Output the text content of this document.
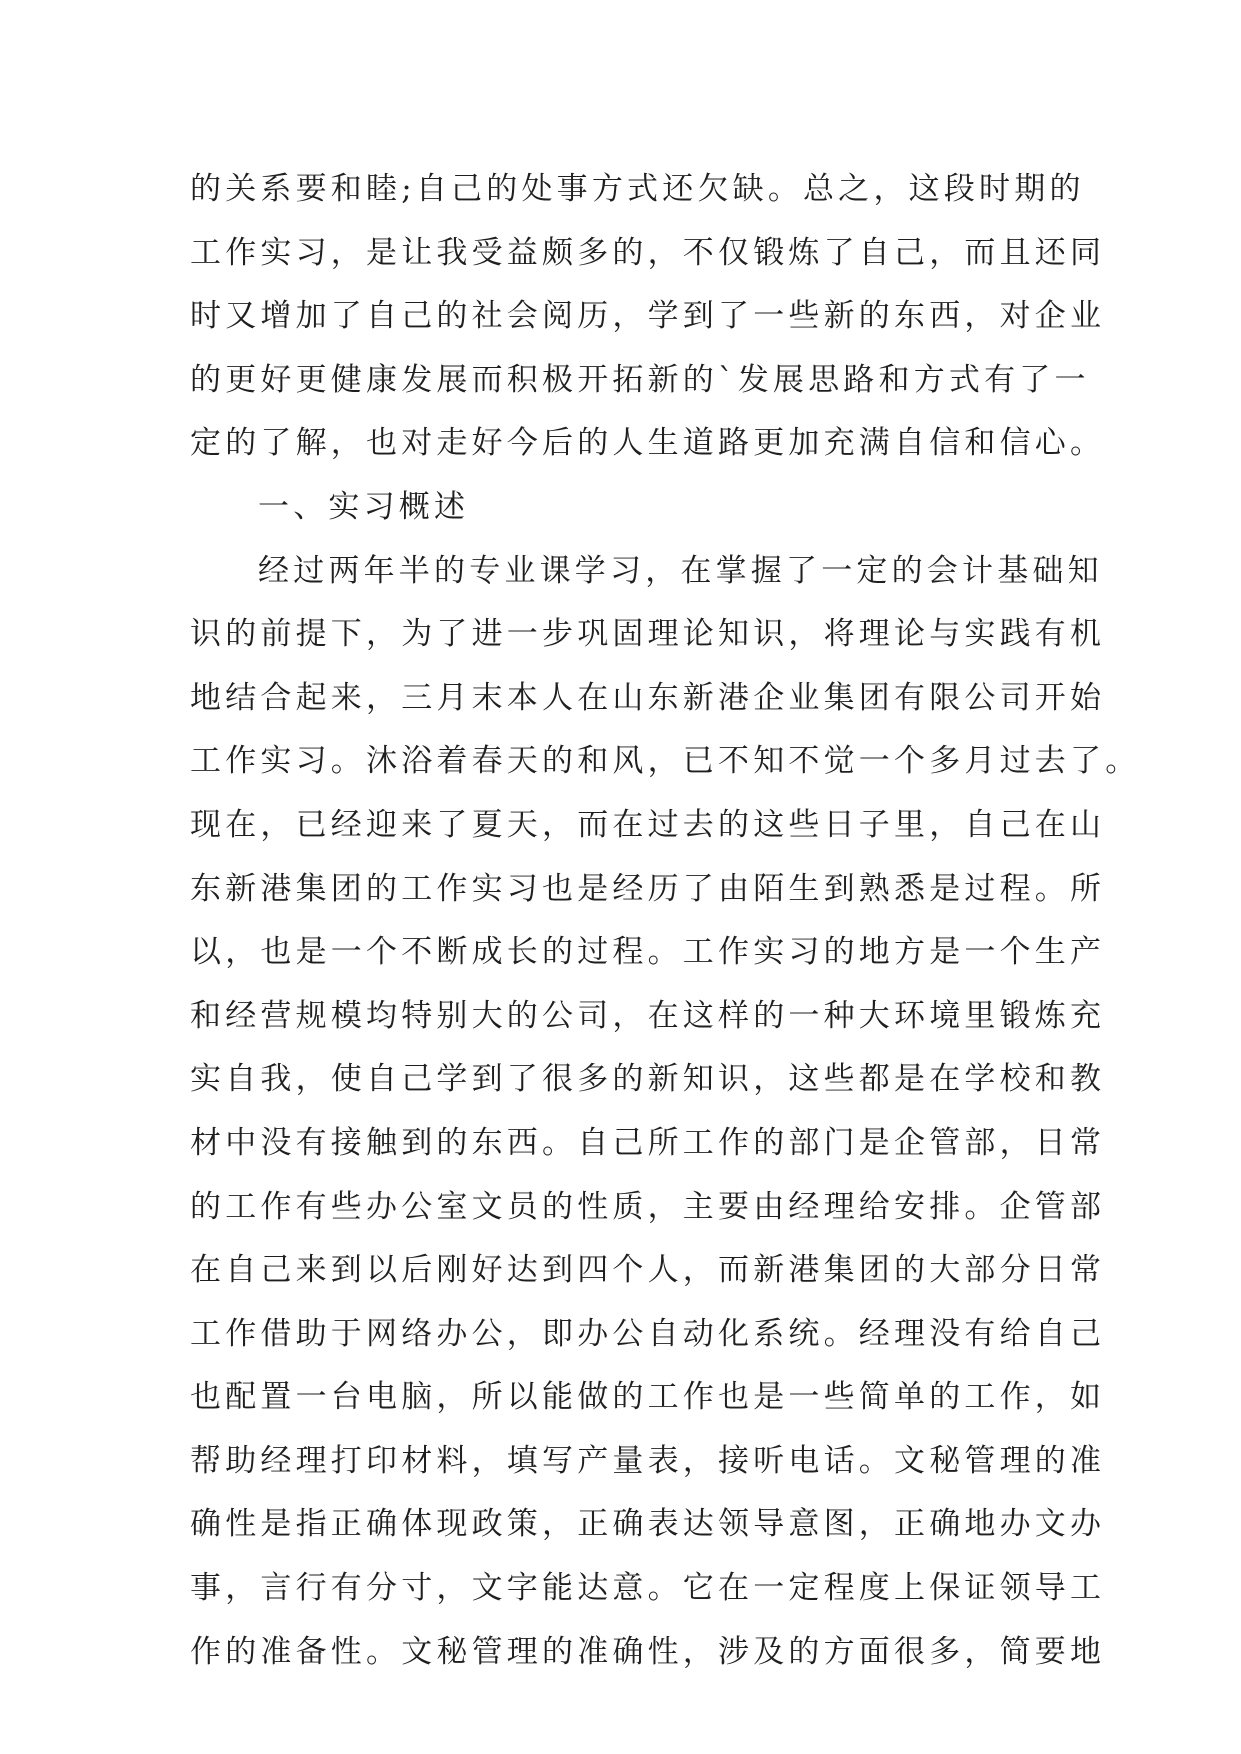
的关系要和睦;自己的处事方式还欠缺。总之，这段时期的
工作实习，是让我受益颇多的，不仅锻炼了自己，而且还同
时又增加了自己的社会阅历，学到了一些新的东西，对企业
的更好更健康发展而积极开拓新的`发展思路和方式有了一
定的了解，也对走好今后的人生道路更加充满自信和信心。
一、实习概述
经过两年半的专业课学习，在掌握了一定的会计基础知
识的前提下，为了进一步巩固理论知识，将理论与实践有机
地结合起来，三月末本人在山东新港企业集团有限公司开始
工作实习。沐浴着春天的和风，已不知不觉一个多月过去了。
现在，已经迎来了夏天，而在过去的这些日子里，自己在山
东新港集团的工作实习也是经历了由陌生到熟悉是过程。所
以，也是一个不断成长的过程。工作实习的地方是一个生产
和经营规模均特别大的公司，在这样的一种大环境里锻炼充
实自我，使自己学到了很多的新知识，这些都是在学校和教
材中没有接触到的东西。自己所工作的部门是企管部，日常
的工作有些办公室文员的性质，主要由经理给安排。企管部
在自己来到以后刚好达到四个人，而新港集团的大部分日常
工作借助于网络办公，即办公自动化系统。经理没有给自己
也配置一台电脑，所以能做的工作也是一些简单的工作，如
帮助经理打印材料，填写产量表，接听电话。文秘管理的准
确性是指正确体现政策，正确表达领导意图，正确地办文办
事，言行有分寸，文字能达意。它在一定程度上保证领导工
作的准备性。文秘管理的准确性，涉及的方面很多，简要地
